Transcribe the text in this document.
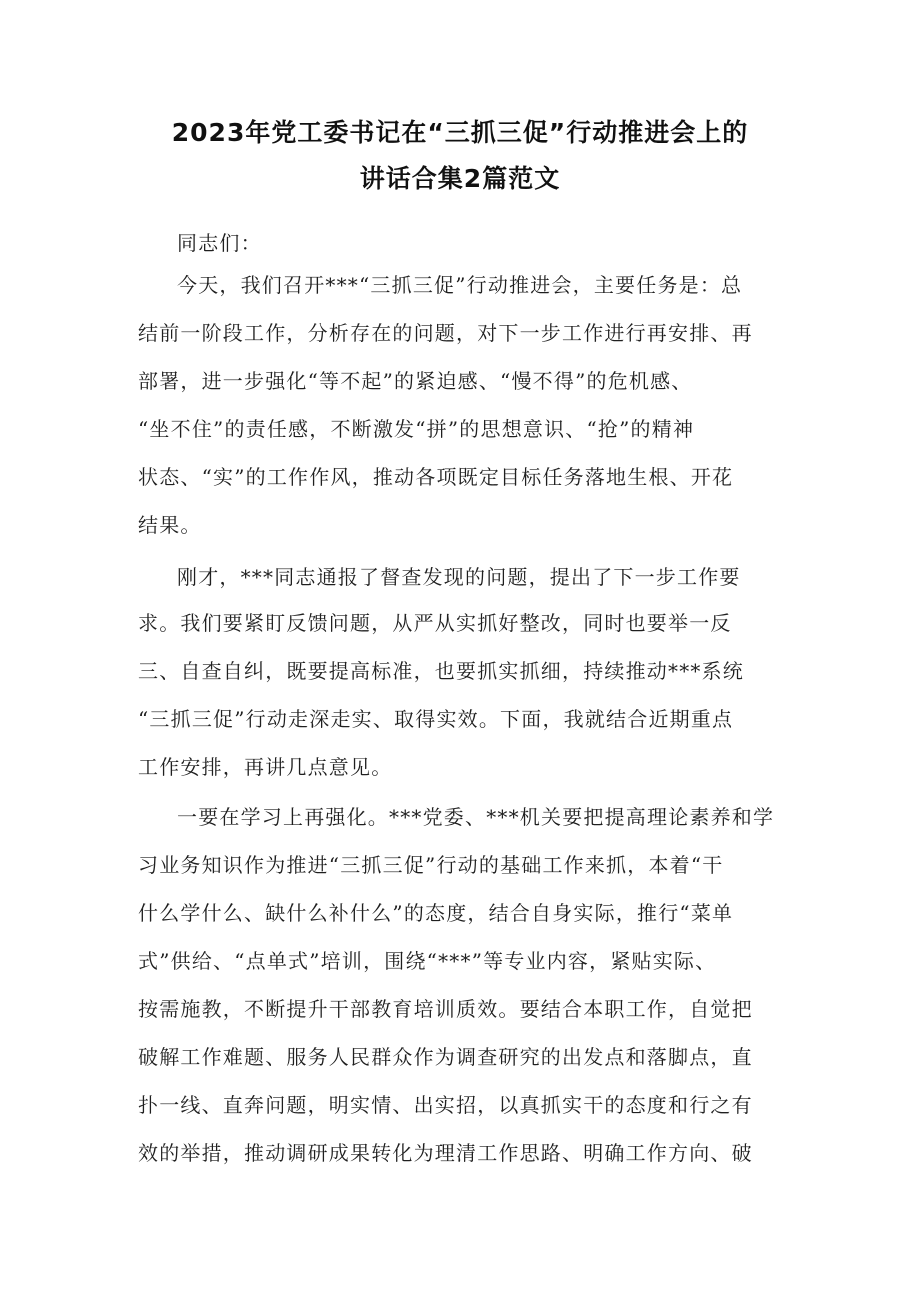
2023年党工委书记在“三抓三促”行动推进会上的
讲话合集2篇范文
同志们：
今天，我们召开***“三抓三促”行动推进会，主要任务是：总
结前一阶段工作，分析存在的问题，对下一步工作进行再安排、再
部署，进一步强化“等不起”的紧迫感、“慢不得”的危机感、
“坐不住”的责任感，不断激发“拼”的思想意识、“抢”的精神
状态、“实”的工作作风，推动各项既定目标任务落地生根、开花
结果。
刚才，***同志通报了督查发现的问题，提出了下一步工作要
求。我们要紧盯反馈问题，从严从实抓好整改，同时也要举一反
三、自查自纠，既要提高标准，也要抓实抓细，持续推动***系统
“三抓三促”行动走深走实、取得实效。下面，我就结合近期重点
工作安排，再讲几点意见。
一要在学习上再强化。***党委、***机关要把提高理论素养和学
习业务知识作为推进“三抓三促”行动的基础工作来抓，本着“干
什么学什么、缺什么补什么”的态度，结合自身实际，推行“菜单
式”供给、“点单式”培训，围绕“***”等专业内容，紧贴实际、
按需施教，不断提升干部教育培训质效。要结合本职工作，自觉把
破解工作难题、服务人民群众作为调查研究的出发点和落脚点，直
扑一线、直奔问题，明实情、出实招，以真抓实干的态度和行之有
效的举措，推动调研成果转化为理清工作思路、明确工作方向、破
